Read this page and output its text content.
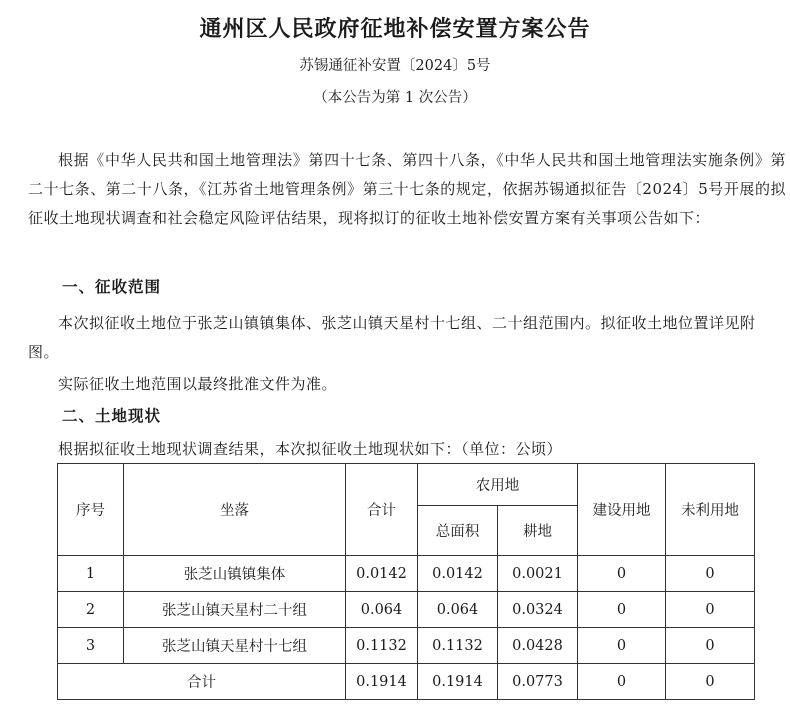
通州区人民政府征地补偿安置方案公告
苏锡通征补安置〔2024〕5号
（本公告为第 1 次公告）

根据《中华人民共和国土地管理法》第四十七条、第四十八条，《中华人民共和国土地管理法实施条例》第二十七条、第二十八条，《江苏省土地管理条例》第三十七条的规定，依据苏锡通拟征告〔2024〕5号开展的拟征收土地现状调查和社会稳定风险评估结果，现将拟订的征收土地补偿安置方案有关事项公告如下：

一、征收范围

本次拟征收土地位于张芝山镇镇集体、张芝山镇天星村十七组、二十组范围内。拟征收土地位置详见附图。

实际征收土地范围以最终批准文件为准。

二、土地现状

根据拟征收土地现状调查结果，本次拟征收土地现状如下：（单位：公顷）

序号	坐落	合计	农用地		建设用地	未利用地
			总面积	耕地		
1	张芝山镇镇集体	0.0142	0.0142	0.0021	0	0
2	张芝山镇天星村二十组	0.064	0.064	0.0324	0	0
3	张芝山镇天星村十七组	0.1132	0.1132	0.0428	0	0
合计		0.1914	0.1914	0.0773	0	0
